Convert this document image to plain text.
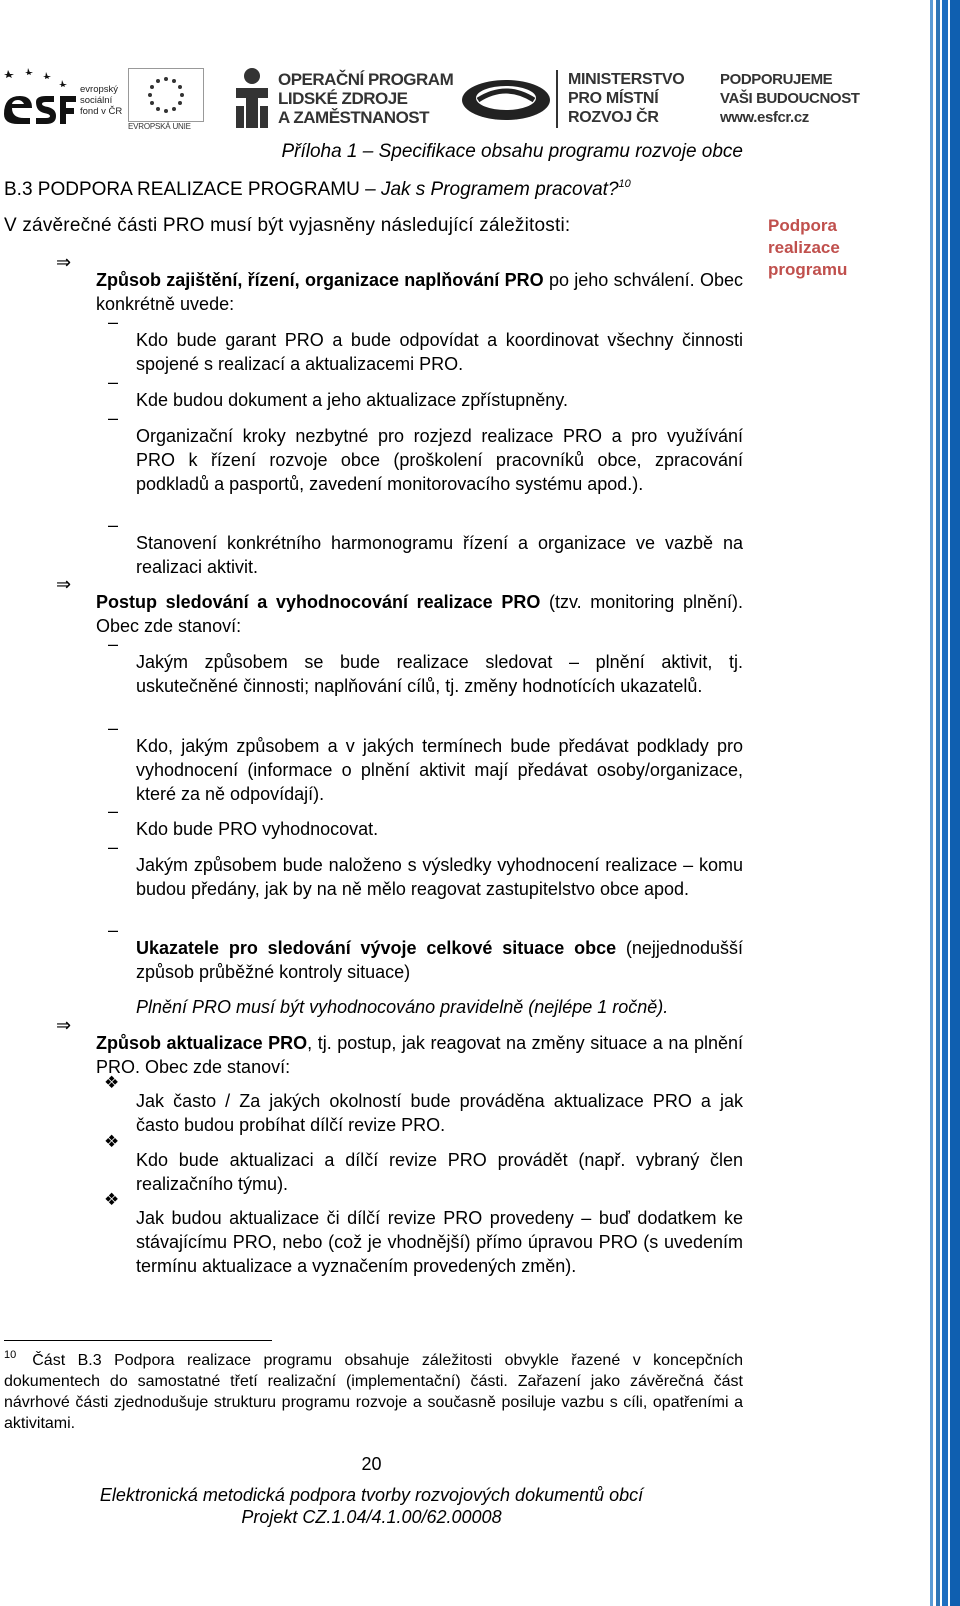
evropský
sociální
fond v ČR
EVROPSKÁ UNIE
OPERAČNÍ PROGRAM
LIDSKÉ ZDROJE
A ZAMĚSTNANOST
MINISTERSTVO
PRO MÍSTNÍ
ROZVOJ ČR
PODPORUJEME
VAŠI BUDOUCNOST
www.esfcr.cz

Příloha 1 – Specifikace obsahu programu rozvoje obce

B.3 PODPORA REALIZACE PROGRAMU – Jak s Programem pracovat?$^{10}$

V závěrečné části PRO musí být vyjasněny následující záležitosti:	Podpora realizace programu

⇒

Způsob zajištění, řízení, organizace naplňování PRO po jeho schválení. Obec konkrétně uvede:

–

Kdo bude garant PRO a bude odpovídat a koordinovat všechny činnosti spojené s realizací a aktualizacemi PRO.

–

Kde budou dokument a jeho aktualizace zpřístupněny.

–

Organizační kroky nezbytné pro rozjezd realizace PRO a pro využívání PRO k řízení rozvoje obce (proškolení pracovníků obce, zpracování podkladů a pasportů, zavedení monitorovacího systému apod.).

–

Stanovení konkrétního harmonogramu řízení a organizace ve vazbě na realizaci aktivit.

⇒

Postup sledování a vyhodnocování realizace PRO (tzv. monitoring plnění). Obec zde stanoví:

–

Jakým způsobem se bude realizace sledovat – plnění aktivit, tj. uskutečněné činnosti; naplňování cílů, tj. změny hodnotících ukazatelů.

–

Kdo, jakým způsobem a v jakých termínech bude předávat podklady pro vyhodnocení (informace o plnění aktivit mají předávat osoby/organizace, které za ně odpovídají).

–

Kdo bude PRO vyhodnocovat.

–

Jakým způsobem bude naloženo s výsledky vyhodnocení realizace – komu budou předány, jak by na ně mělo reagovat zastupitelstvo obce apod.

–

Ukazatele pro sledování vývoje celkové situace obce (nejjednodušší způsob průběžné kontroly situace)

Plnění PRO musí být vyhodnocováno pravidelně (nejlépe 1 ročně).

⇒

Způsob aktualizace PRO, tj. postup, jak reagovat na změny situace a na plnění PRO. Obec zde stanoví:

❖

Jak často / Za jakých okolností bude prováděna aktualizace PRO a jak často budou probíhat dílčí revize PRO.

❖

Kdo bude aktualizaci a dílčí revize PRO provádět (např. vybraný člen realizačního týmu).

❖

Jak budou aktualizace či dílčí revize PRO provedeny – buď dodatkem ke stávajícímu PRO, nebo (což je vhodnější) přímo úpravou PRO (s uvedením termínu aktualizace a vyznačením provedených změn).

$^{10}$ Část B.3 Podpora realizace programu obsahuje záležitosti obvykle řazené v koncepčních dokumentech do samostatné třetí realizační (implementační) části. Zařazení jako závěrečná část návrhové části zjednodušuje strukturu programu rozvoje a současně posiluje vazbu s cíli, opatřeními a aktivitami.

20

Elektronická metodická podpora tvorby rozvojových dokumentů obcí
Projekt CZ.1.04/4.1.00/62.00008
